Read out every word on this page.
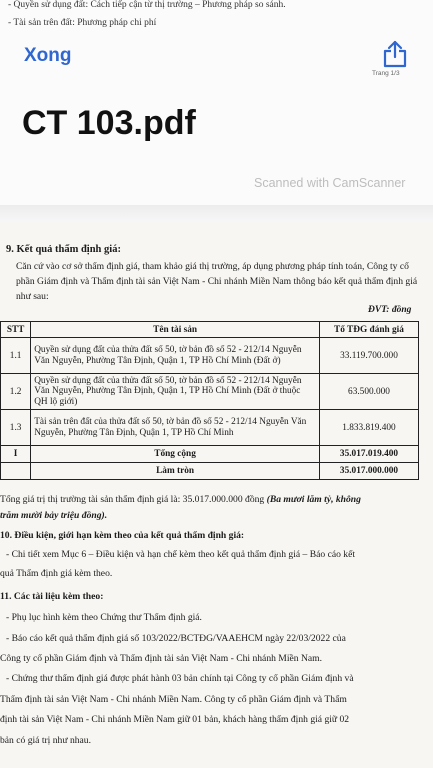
- Quyền sử dụng đất: Cách tiếp cận từ thị trường – Phương pháp so sánh.
- Tài sản trên đất: Phương pháp chi phí
Xong
Trang 1/3
CT 103.pdf
Scanned with CamScanner
9. Kết quả thẩm định giá:
Căn cứ vào cơ sở thẩm định giá, tham khảo giá thị trường, áp dụng phương pháp tính toán, Công ty cổ phần Giám định và Thẩm định tài sản Việt Nam - Chi nhánh Miền Nam thông báo kết quả thẩm định giá như sau:
ĐVT: đồng
STT	Tên tài sản	Tổ TĐG đánh giá
1.1	Quyền sử dụng đất của thửa đất số 50, tờ bản đồ số 52 - 212/14 Nguyễn Văn Nguyễn, Phường Tân Định, Quận 1, TP Hồ Chí Minh (Đất ở)	33.119.700.000
1.2	Quyền sử dụng đất của thửa đất số 50, tờ bản đồ số 52 - 212/14 Nguyễn Văn Nguyễn, Phường Tân Định, Quận 1, TP Hồ Chí Minh (Đất ở thuộc QH lộ giới)	63.500.000
1.3	Tài sản trên đất của thửa đất số 50, tờ bản đồ số 52 - 212/14 Nguyễn Văn Nguyễn, Phường Tân Định, Quận 1, TP Hồ Chí Minh	1.833.819.400
I	Tổng cộng	35.017.019.400
	Làm tròn	35.017.000.000
Tổng giá trị thị trường tài sản thẩm định giá là: 35.017.000.000 đồng (Ba mươi lăm tỷ, không
trăm mười bảy triệu đồng).
10. Điều kiện, giới hạn kèm theo của kết quả thẩm định giá:
- Chi tiết xem Mục 6 – Điều kiện và hạn chế kèm theo kết quả thẩm định giá – Báo cáo kết
quả Thẩm định giá kèm theo.
11. Các tài liệu kèm theo:
- Phụ lục hình kèm theo Chứng thư Thẩm định giá.
- Báo cáo kết quả thẩm định giá số 103/2022/BCTĐG/VAAEHCM ngày 22/03/2022 của
Công ty cổ phần Giám định và Thẩm định tài sản Việt Nam - Chi nhánh Miền Nam.
- Chứng thư thẩm định giá được phát hành 03 bản chính tại Công ty cổ phần Giám định và
Thẩm định tài sản Việt Nam - Chi nhánh Miền Nam. Công ty cổ phần Giám định và Thẩm
định tài sản Việt Nam - Chi nhánh Miền Nam giữ 01 bản, khách hàng thẩm định giá giữ 02
bản có giá trị như nhau.
